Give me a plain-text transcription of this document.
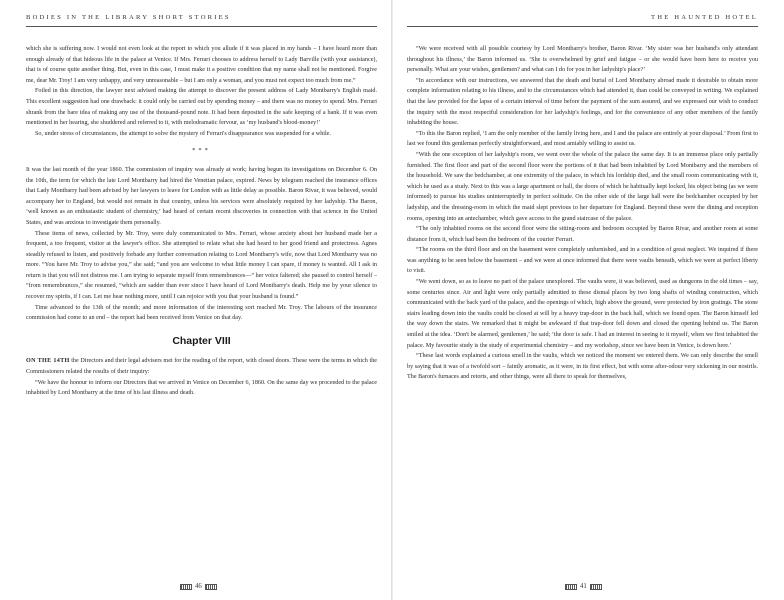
BODIES IN THE LIBRARY SHORT STORIES

which she is suffering now. I would not even look at the report to which you allude if it was placed in my hands – I have heard more than enough already of that hideous life in the palace at Venice. If Mrs. Ferrari chooses to address herself to Lady Barville (with your assistance), that is of course quite another thing. But, even in this case, I must make it a positive condition that my name shall not be mentioned. Forgive me, dear Mr. Troy! I am very unhappy, and very unreasonable – but I am only a woman, and you must not expect too much from me.”

Foiled in this direction, the lawyer next advised making the attempt to discover the present address of Lady Montbarry's English maid. This excellent suggestion had one drawback: it could only be carried out by spending money – and there was no money to spend. Mrs. Ferrari shrank from the bare idea of making any use of the thousand-pound note. It had been deposited in the safe keeping of a bank. If it was even mentioned in her hearing, she shuddered and referred to it, with melodramatic fervour, as ‘my husband's blood-money!’

So, under stress of circumstances, the attempt to solve the mystery of Ferrari's disappearance was suspended for a while.

***

It was the last month of the year 1860. The commission of inquiry was already at work; having begun its investigations on December 6. On the 10th, the term for which the late Lord Montbarry had hired the Venetian palace, expired. News by telegram reached the insurance offices that Lady Montbarry had been advised by her lawyers to leave for London with as little delay as possible. Baron Rivar, it was believed, would accompany her to England, but would not remain in that country, unless his services were absolutely required by her ladyship. The Baron, ‘well known as an enthusiastic student of chemistry,’ had heard of certain recent discoveries in connection with that science in the United States, and was anxious to investigate them personally.

These items of news, collected by Mr. Troy, were duly communicated to Mrs. Ferrari, whose anxiety about her husband made her a frequent, a too frequent, visitor at the lawyer's office. She attempted to relate what she had heard to her good friend and protectress. Agnes steadily refused to listen, and positively forbade any further conversation relating to Lord Montbarry's wife, now that Lord Montbarry was no more. “You have Mr. Troy to advise you,” she said; “and you are welcome to what little money I can spare, if money is wanted. All I ask in return is that you will not distress me. I am trying to separate myself from remembrances—” her voice faltered; she paused to control herself – “from remembrances,” she resumed, “which are sadder than ever since I have heard of Lord Montbarry's death. Help me by your silence to recover my spirits, if I can. Let me hear nothing more, until I can rejoice with you that your husband is found.”

Time advanced to the 13th of the month; and more information of the interesting sort reached Mr. Troy. The labours of the insurance commission had come to an end – the report had been received from Venice on that day.

Chapter VIII

ON THE 14TH the Directors and their legal advisers met for the reading of the report, with closed doors. These were the terms in which the Commissioners related the results of their inquiry:

“We have the honour to inform our Directors that we arrived in Venice on December 6, 1860. On the same day we proceeded to the palace inhabited by Lord Montbarry at the time of his last illness and death.

46
THE HAUNTED HOTEL

“We were received with all possible courtesy by Lord Montbarry's brother, Baron Rivar. ‘My sister was her husband's only attendant throughout his illness,’ the Baron informed us. ‘She is overwhelmed by grief and fatigue – or she would have been here to receive you personally. What are your wishes, gentlemen? and what can I do for you in her ladyship's place?’

“In accordance with our instructions, we answered that the death and burial of Lord Montbarry abroad made it desirable to obtain more complete information relating to his illness, and to the circumstances which had attended it, than could be conveyed in writing. We explained that the law provided for the lapse of a certain interval of time before the payment of the sum assured, and we expressed our wish to conduct the inquiry with the most respectful consideration for her ladyship's feelings, and for the convenience of any other members of the family inhabiting the house.

“To this the Baron replied, ‘I am the only member of the family living here, and I and the palace are entirely at your disposal.’ From first to last we found this gentleman perfectly straightforward, and most amiably willing to assist us.

“With the one exception of her ladyship's room, we went over the whole of the palace the same day. It is an immense place only partially furnished. The first floor and part of the second floor were the portions of it that had been inhabited by Lord Montbarry and the members of the household. We saw the bedchamber, at one extremity of the palace, in which his lordship died, and the small room communicating with it, which he used as a study. Next to this was a large apartment or hall, the doors of which he habitually kept locked, his object being (as we were informed) to pursue his studies uninterruptedly in perfect solitude. On the other side of the large hall were the bedchamber occupied by her ladyship, and the dressing-room in which the maid slept previous to her departure for England. Beyond these were the dining and reception rooms, opening into an antechamber, which gave access to the grand staircase of the palace.

“The only inhabited rooms on the second floor were the sitting-room and bedroom occupied by Baron Rivar, and another room at some distance from it, which had been the bedroom of the courier Ferrari.

“The rooms on the third floor and on the basement were completely unfurnished, and in a condition of great neglect. We inquired if there was anything to be seen below the basement – and we were at once informed that there were vaults beneath, which we were at perfect liberty to visit.

“We went down, so as to leave no part of the palace unexplored. The vaults were, it was believed, used as dungeons in the old times – say, some centuries since. Air and light were only partially admitted to these dismal places by two long shafts of winding construction, which communicated with the back yard of the palace, and the openings of which, high above the ground, were protected by iron gratings. The stone stairs leading down into the vaults could be closed at will by a heavy trap-door in the back hall, which we found open. The Baron himself led the way down the stairs. We remarked that it might be awkward if that trap-door fell down and closed the opening behind us. The Baron smiled at the idea. ‘Don't be alarmed, gentlemen,’ he said; ‘the door is safe. I had an interest in seeing to it myself, when we first inhabited the palace. My favourite study is the study of experimental chemistry – and my workshop, since we have been in Venice, is down here.’

“These last words explained a curious smell in the vaults, which we noticed the moment we entered them. We can only describe the smell by saying that it was of a twofold sort – faintly aromatic, as it were, in its first effect, but with some after-odour very sickening in our nostrils. The Baron's furnaces and retorts, and other things, were all there to speak for themselves,

41
